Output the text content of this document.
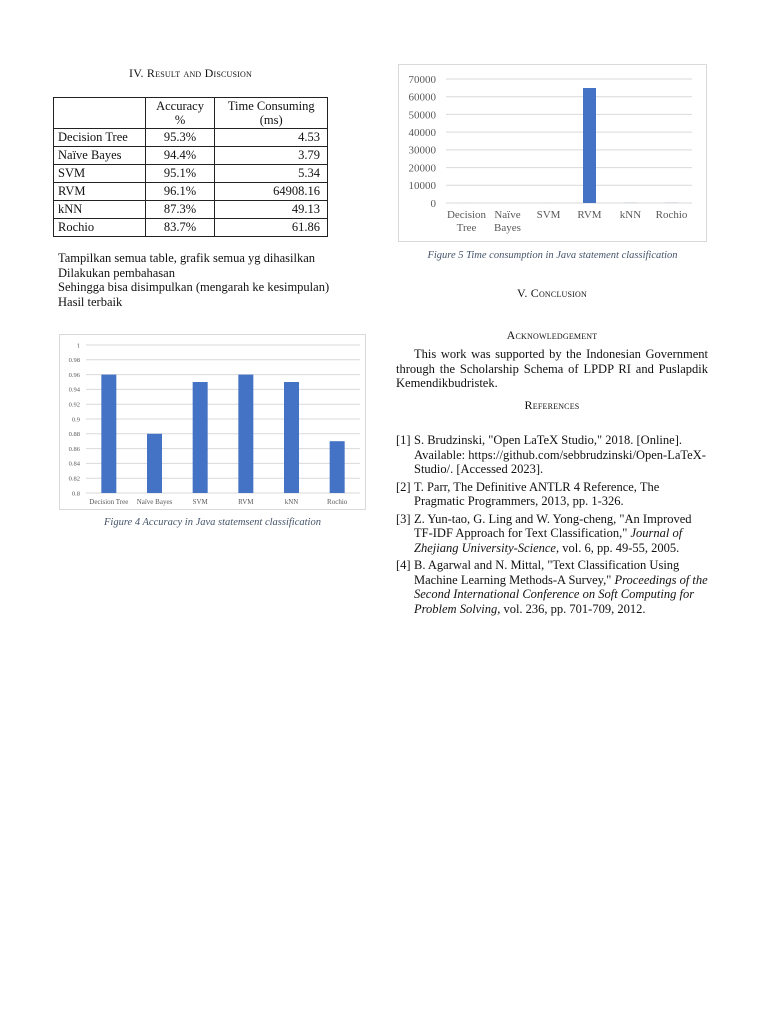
IV. Result and Discusion
	Accuracy %	Time Consuming (ms)
Decision Tree	95.3%	4.53
Naïve Bayes	94.4%	3.79
SVM	95.1%	5.34
RVM	96.1%	64908.16
kNN	87.3%	49.13
Rochio	83.7%	61.86
Tampilkan semua table, grafik semua yg dihasilkan
Dilakukan pembahasan
Sehingga bisa disimpulkan (mengarah ke kesimpulan)
Hasil terbaik
1
0.98
0.96
0.94
0.92
0.9
0.88
0.86
0.84
0.82
0.8
Decision Tree Naïve Bayes	SVM	RVM	kNN	Rochio
Figure 4 Accuracy in Java statemsent classification
70000
60000
50000
40000
30000
20000
10000
0
Decision Tree
Naïve Bayes
SVM RVM kNN Rochio
Figure 5 Time consumption in Java statement classification
V. Conclusion
Acknowledgement
This work was supported by the Indonesian Government through the Scholarship Schema of LPDP RI and Puslapdik Kemendikbudristek.
References
[1] S. Brudzinski, "Open LaTeX Studio," 2018. [Online]. Available: https://github.com/sebbrudzinski/Open-LaTeX-Studio/. [Accessed 2023].
[2] T. Parr, The Definitive ANTLR 4 Reference, The Pragmatic Programmers, 2013, pp. 1-326.
[3] Z. Yun-tao, G. Ling and W. Yong-cheng, "An Improved TF-IDF Approach for Text Classification," Journal of Zhejiang University-Science, vol. 6, pp. 49-55, 2005.
[4] B. Agarwal and N. Mittal, "Text Classification Using Machine Learning Methods-A Survey," Proceedings of the Second International Conference on Soft Computing for Problem Solving, vol. 236, pp. 701-709, 2012.
